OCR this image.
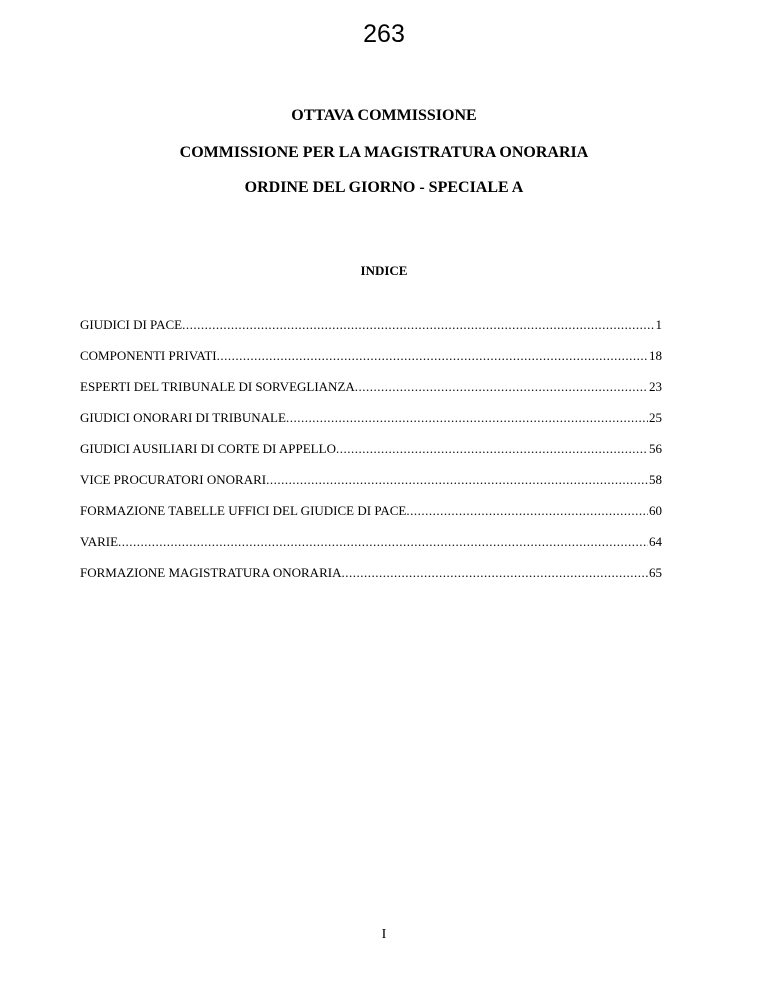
263
OTTAVA COMMISSIONE
COMMISSIONE PER LA MAGISTRATURA ONORARIA
ORDINE DEL GIORNO - SPECIALE A
INDICE
GIUDICI DI PACE .....	1
COMPONENTI PRIVATI .....	18
ESPERTI DEL TRIBUNALE DI SORVEGLIANZA .....	23
GIUDICI ONORARI DI TRIBUNALE .....	25
GIUDICI AUSILIARI DI CORTE DI APPELLO .....	56
VICE PROCURATORI ONORARI .....	58
FORMAZIONE TABELLE UFFICI DEL GIUDICE DI PACE .....	60
VARIE .....	64
FORMAZIONE MAGISTRATURA ONORARIA .....	65
I
